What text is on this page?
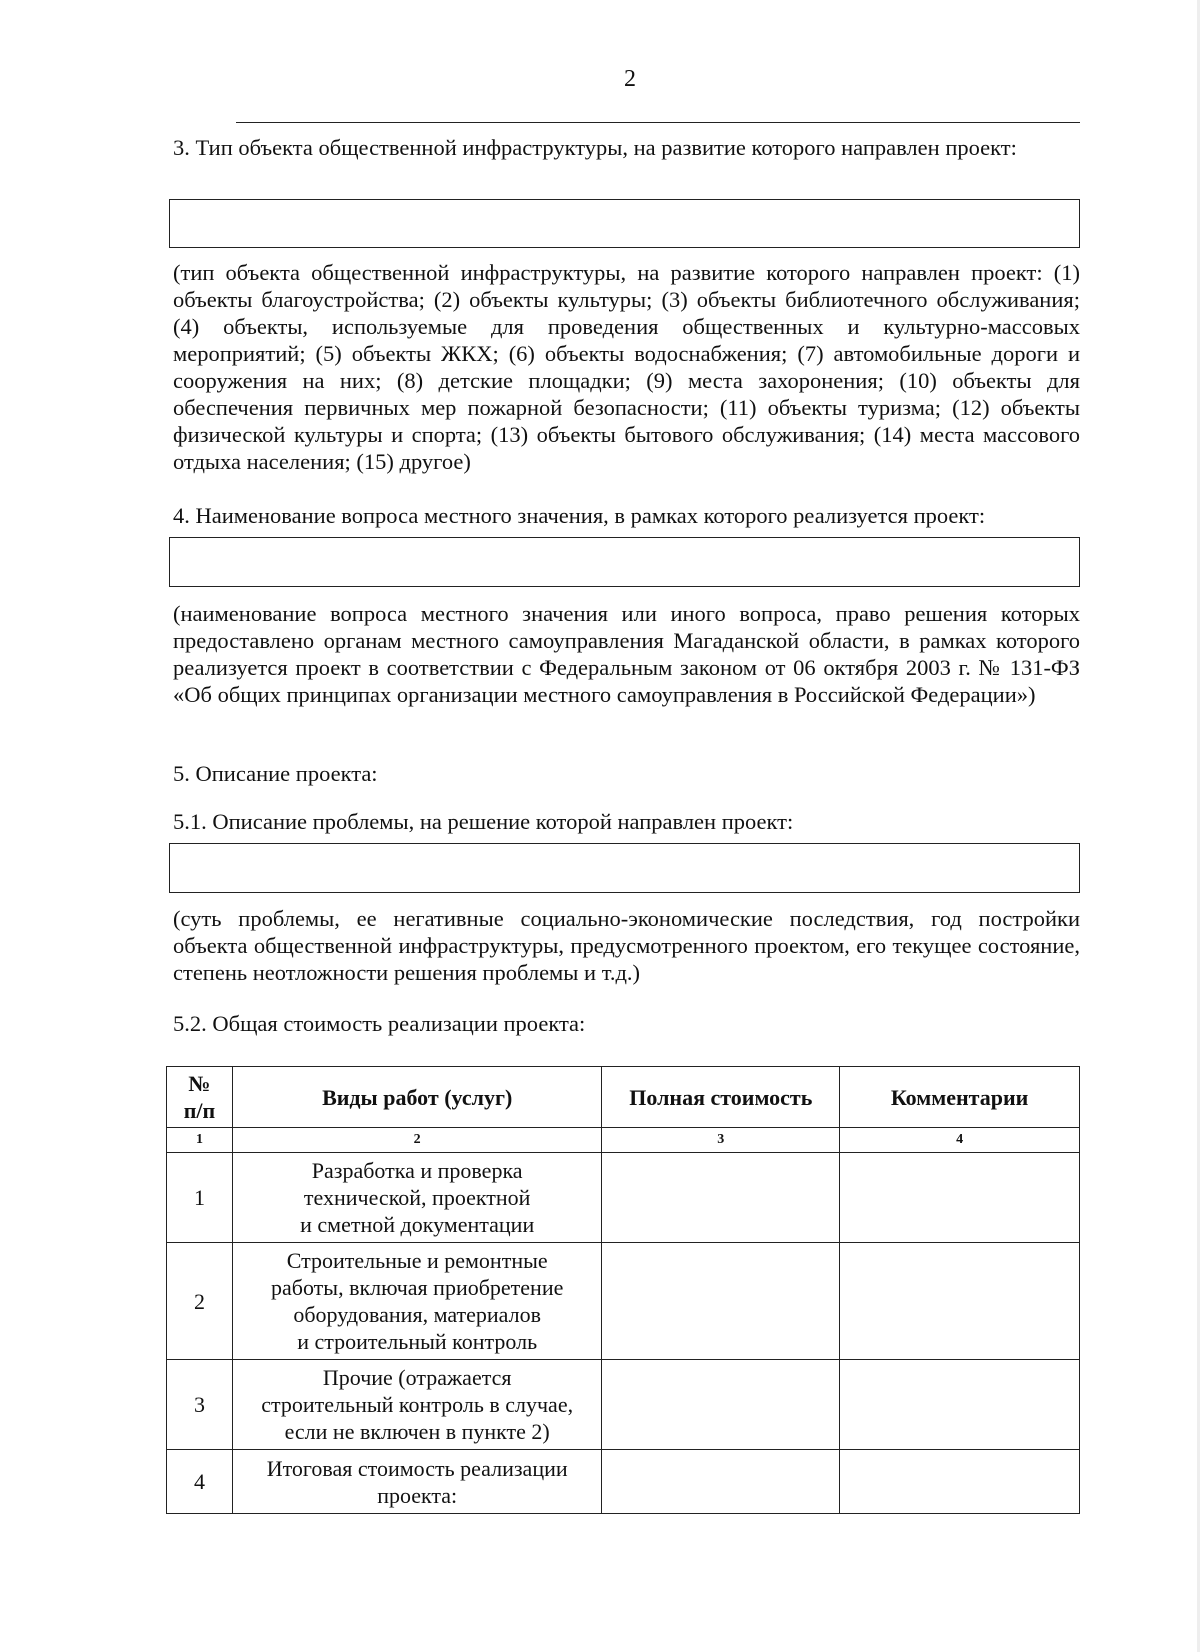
2
3. Тип объекта общественной инфраструктуры, на развитие которого направлен проект:
(тип объекта общественной инфраструктуры, на развитие которого направлен проект: (1) объекты благоустройства; (2) объекты культуры; (3) объекты библиотечного обслуживания; (4) объекты, используемые для проведения общественных и культурно-массовых мероприятий; (5) объекты ЖКХ; (6) объекты водоснабжения; (7) автомобильные дороги и сооружения на них; (8) детские площадки; (9) места захоронения; (10) объекты для обеспечения первичных мер пожарной безопасности; (11) объекты туризма; (12) объекты физической культуры и спорта; (13) объекты бытового обслуживания; (14) места массового отдыха населения; (15) другое)
4. Наименование вопроса местного значения, в рамках которого реализуется проект:
(наименование вопроса местного значения или иного вопроса, право решения которых предоставлено органам местного самоуправления Магаданской области, в рамках которого реализуется проект в соответствии с Федеральным законом от 06 октября 2003 г. № 131-ФЗ «Об общих принципах организации местного самоуправления в Российской Федерации»)
5. Описание проекта:
5.1. Описание проблемы, на решение которой направлен проект:
(суть проблемы, ее негативные социально-экономические последствия, год постройки объекта общественной инфраструктуры, предусмотренного проектом, его текущее состояние, степень неотложности решения проблемы и т.д.)
5.2. Общая стоимость реализации проекта:
№
п/п	Виды работ (услуг)	Полная стоимость	Комментарии
1	2	3	4
1	Разработка и проверка
технической, проектной
и сметной документации		
2	Строительные и ремонтные
работы, включая приобретение
оборудования, материалов
и строительный контроль		
3	Прочие (отражается
строительный контроль в случае,
если не включен в пункте 2)		
4	Итоговая стоимость реализации
проекта:		
